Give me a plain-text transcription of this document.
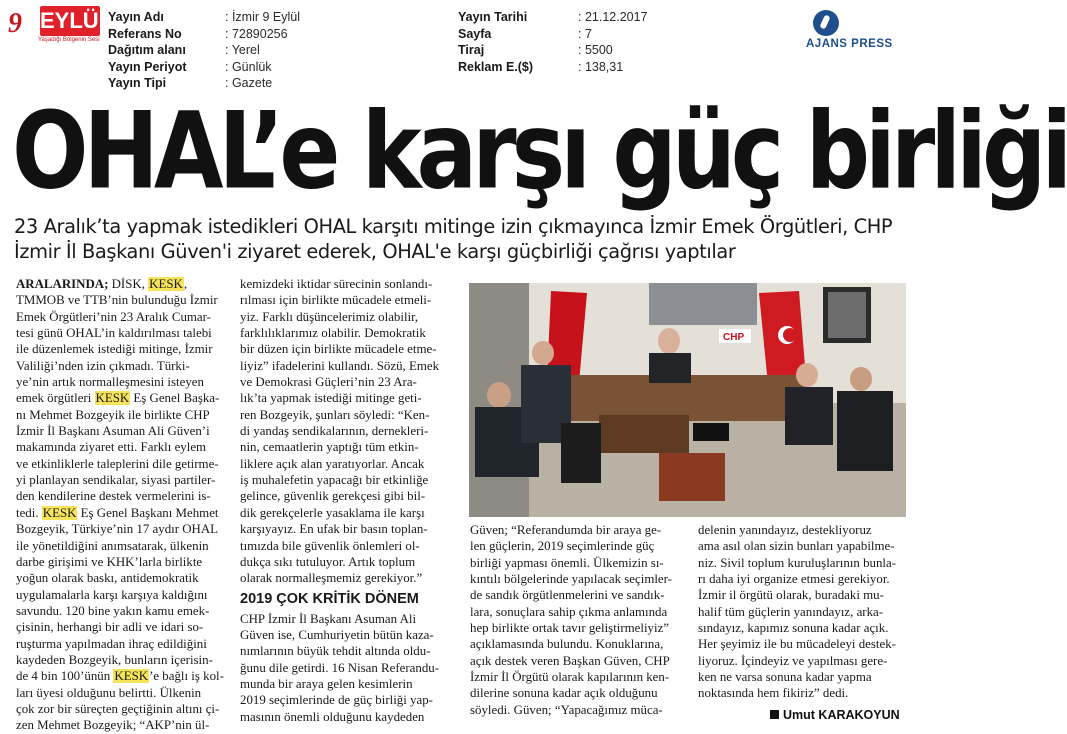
9 EYLÜL
Yaşadığı Bölgenin Sesi
Yayın Adı	: İzmir 9 Eylül
Referans No	: 72890256
Dağıtım alanı	: Yerel
Yayın Periyot	: Günlük
Yayın Tipi	: Gazete
Yayın Tarihi	: 21.12.2017
Sayfa	: 7
Tiraj	: 5500
Reklam E.($)	: 138,31
AJANS PRESS
OHAL’e karşı güç birliği

23 Aralık’ta yapmak istedikleri OHAL karşıtı mitinge izin çıkmayınca İzmir Emek Örgütleri, CHP İzmir İl Başkanı Güven'i ziyaret ederek, OHAL'e karşı güçbirliği çağrısı yaptılar

ARALARINDA; DİSK, KESK,
TMMOB ve TTB’nin bulunduğu İzmir
Emek Örgütleri’nin 23 Aralık Cumar-
tesi günü OHAL’in kaldırılması talebi
ile düzenlemek istediği mitinge, İzmir
Valiliği’nden izin çıkmadı. Türki-
ye’nin artık normalleşmesini isteyen
emek örgütleri KESK Eş Genel Başka-
nı Mehmet Bozgeyik ile birlikte CHP
İzmir İl Başkanı Asuman Ali Güven’i
makamında ziyaret etti. Farklı eylem
ve etkinliklerle taleplerini dile getirme-
yi planlayan sendikalar, siyasi partiler-
den kendilerine destek vermelerini is-
tedi. KESK Eş Genel Başkanı Mehmet
Bozgeyik, Türkiye’nin 17 aydır OHAL
ile yönetildiğini anımsatarak, ülkenin
darbe girişimi ve KHK’larla birlikte
yoğun olarak baskı, antidemokratik
uygulamalarla karşı karşıya kaldığını
savundu. 120 bine yakın kamu emek-
çisinin, herhangi bir adli ve idari so-
ruşturma yapılmadan ihraç edildiğini
kaydeden Bozgeyik, bunların içerisin-
de 4 bin 100’ünün KESK’e bağlı iş kol-
ları üyesi olduğunu belirtti. Ülkenin
çok zor bir süreçten geçtiğinin altını çi-
zen Mehmet Bozgeyik; “AKP’nin ül-
kemizdeki iktidar sürecinin sonlandı-
rılması için birlikte mücadele etmeli-
yiz. Farklı düşüncelerimiz olabilir,
farklılıklarımız olabilir. Demokratik
bir düzen için birlikte mücadele etme-
liyiz” ifadelerini kullandı. Sözü, Emek
ve Demokrasi Güçleri’nin 23 Ara-
lık’ta yapmak istediği mitinge geti-
ren Bozgeyik, şunları söyledi: “Ken-
di yandaş sendikalarının, dernekleri-
nin, cemaatlerin yaptığı tüm etkin-
liklere açık alan yaratıyorlar. Ancak
iş muhalefetin yapacağı bir etkinliğe
gelince, güvenlik gerekçesi gibi bil-
dik gerekçelerle yasaklama ile karşı
karşıyayız. En ufak bir basın toplan-
tımızda bile güvenlik önlemleri ol-
dukça sıkı tutuluyor. Artık toplum
olarak normalleşmemiz gerekiyor.”
2019 ÇOK KRİTİK DÖNEM
CHP İzmir İl Başkanı Asuman Ali
Güven ise, Cumhuriyetin bütün kaza-
nımlarının büyük tehdit altında oldu-
ğunu dile getirdi. 16 Nisan Referandu-
munda bir araya gelen kesimlerin
2019 seçimlerinde de güç birliği yap-
masının önemli olduğunu kaydeden
CHP
Güven; “Referandumda bir araya ge-
len güçlerin, 2019 seçimlerinde güç
birliği yapması önemli. Ülkemizin sı-
kıntılı bölgelerinde yapılacak seçimler-
de sandık örgütlenmelerini ve sandık-
lara, sonuçlara sahip çıkma anlamında
hep birlikte ortak tavır geliştirmeliyiz”
açıklamasında bulundu. Konuklarına,
açık destek veren Başkan Güven, CHP
İzmir İl Örgütü olarak kapılarının ken-
dilerine sonuna kadar açık olduğunu
söyledi. Güven; “Yapacağımız müca-
delenin yanındayız, destekliyoruz
ama asıl olan sizin bunları yapabilme-
niz. Sivil toplum kuruluşlarının bunla-
rı daha iyi organize etmesi gerekiyor.
İzmir il örgütü olarak, buradaki mu-
halif tüm güçlerin yanındayız, arka-
sındayız, kapımız sonuna kadar açık.
Her şeyimiz ile bu mücadeleyi destek-
liyoruz. İçindeyiz ve yapılması gere-
ken ne varsa sonuna kadar yapma
noktasında hem fikiriz” dedi.
Umut KARAKOYUN
